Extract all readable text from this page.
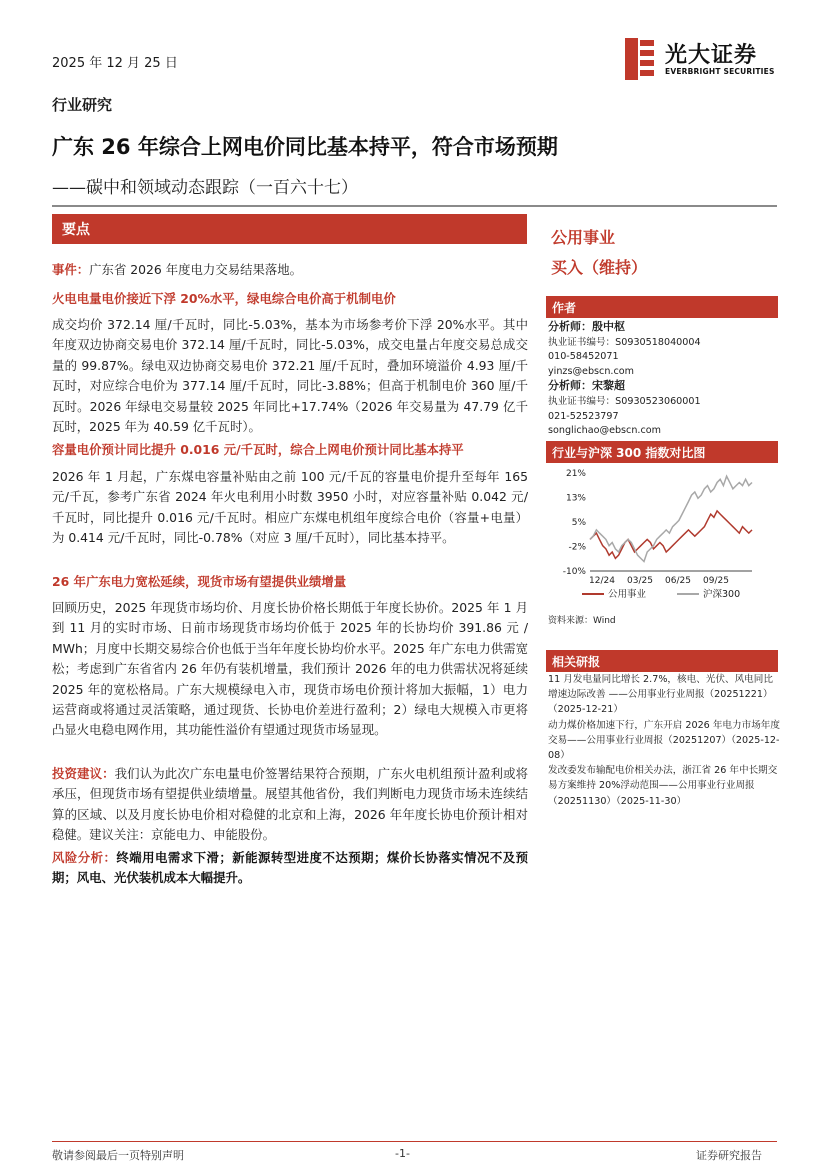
2025 年 12 月 25 日	光大证券
EVERBRIGHT SECURITIES
行业研究
广东 26 年综合上网电价同比基本持平，符合市场预期
——碳中和领域动态跟踪（一百六十七）
要点

事件：广东省 2026 年度电力交易结果落地。

火电电量电价接近下浮 20%水平，绿电综合电价高于机制电价

成交均价 372.14 厘/千瓦时，同比-5.03%，基本为市场参考价下浮 20%水平。其中年度双边协商交易电价 372.14 厘/千瓦时，同比-5.03%，成交电量占年度交易总成交量的 99.87%。绿电双边协商交易电价 372.21 厘/千瓦时，叠加环境溢价 4.93 厘/千瓦时，对应综合电价为 377.14 厘/千瓦时，同比-3.88%；但高于机制电价 360 厘/千瓦时。2026 年绿电交易量较 2025 年同比+17.74%（2026 年交易量为 47.79 亿千瓦时，2025 年为 40.59 亿千瓦时）。

容量电价预计同比提升 0.016 元/千瓦时，综合上网电价预计同比基本持平

2026 年 1 月起，广东煤电容量补贴由之前 100 元/千瓦的容量电价提升至每年 165 元/千瓦，参考广东省 2024 年火电利用小时数 3950 小时，对应容量补贴 0.042 元/千瓦时，同比提升 0.016 元/千瓦时。相应广东煤电机组年度综合电价（容量+电量）为 0.414 元/千瓦时，同比-0.78%（对应 3 厘/千瓦时），同比基本持平。

26 年广东电力宽松延续，现货市场有望提供业绩增量

回顾历史，2025 年现货市场均价、月度长协价格长期低于年度长协价。2025 年 1 月到 11 月的实时市场、日前市场现货市场均价低于 2025 年的长协均价 391.86 元 / MWh；月度中长期交易综合价也低于当年年度长协均价水平。2025 年广东电力供需宽松；考虑到广东省省内 26 年仍有装机增量，我们预计 2026 年的电力供需状况将延续 2025 年的宽松格局。广东大规模绿电入市，现货市场电价预计将加大振幅，1）电力运营商或将通过灵活策略，通过现货、长协电价差进行盈利；2）绿电大规模入市更将凸显火电稳电网作用，其功能性溢价有望通过现货市场显现。

投资建议：我们认为此次广东电量电价签署结果符合预期，广东火电机组预计盈利或将承压，但现货市场有望提供业绩增量。展望其他省份，我们判断电力现货市场未连续结算的区域、以及月度长协电价相对稳健的北京和上海，2026 年年度长协电价预计相对稳健。建议关注：京能电力、申能股份。

风险分析：终端用电需求下滑；新能源转型进度不达预期；煤价长协落实情况不及预期；风电、光伏装机成本大幅提升。

公用事业
买入（维持）
作者
分析师：殷中枢
执业证书编号：S0930518040004
010-58452071
yinzs@ebscn.com
分析师：宋黎超
执业证书编号：S0930523060001
021-52523797
songlichao@ebscn.com
行业与沪深 300 指数对比图
21%
13%
5%
-2%
-10%
12/24 03/25 06/25 09/25
公用事业	沪深300
资料来源：Wind
相关研报

11 月发电量同比增长 2.7%，核电、光伏、风电同比增速边际改善 ——公用事业行业周报（20251221）（2025-12-21）

动力煤价格加速下行，广东开启 2026 年电力市场年度交易——公用事业行业周报（20251207）（2025-12-08）

发改委发布输配电价相关办法，浙江省 26 年中长期交易方案维持 20%浮动范围——公用事业行业周报（20251130）（2025-11-30）

敬请参阅最后一页特别声明	-1-	证券研究报告
